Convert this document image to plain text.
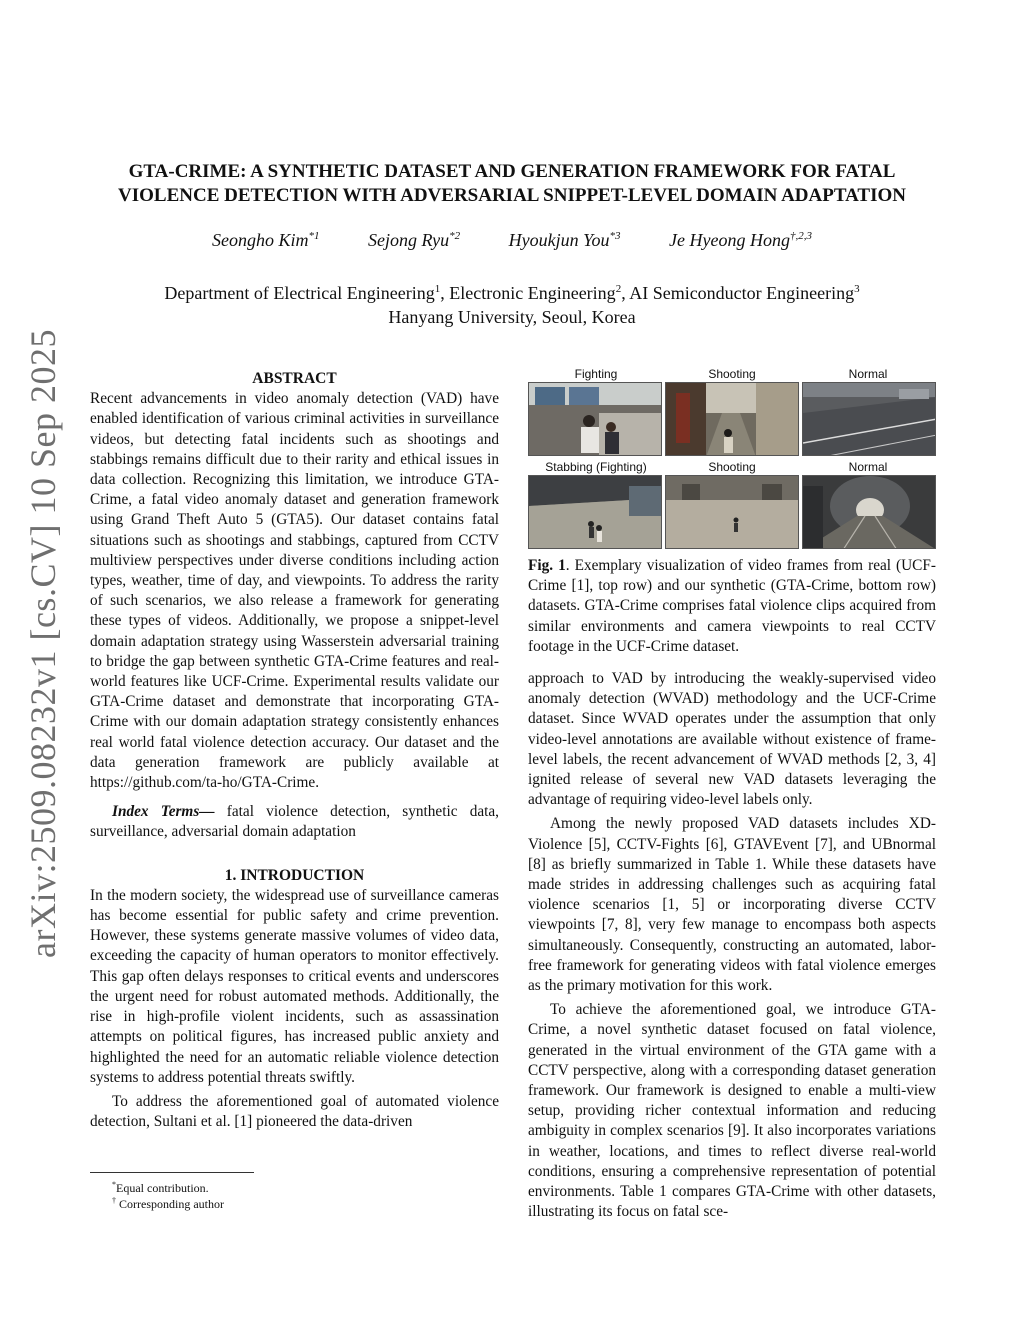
arXiv:2509.08232v1 [cs.CV] 10 Sep 2025
GTA-CRIME: A SYNTHETIC DATASET AND GENERATION FRAMEWORK FOR FATAL
VIOLENCE DETECTION WITH ADVERSARIAL SNIPPET-LEVEL DOMAIN ADAPTATION
Seongho Kim$^{*1}$	Sejong Ryu$^{*2}$	Hyoukjun You$^{*3}$	Je Hyeong Hong$^{\dagger,2,3}$
Department of Electrical Engineering$^1$, Electronic Engineering$^2$, AI Semiconductor Engineering$^3$
Hanyang University, Seoul, Korea
ABSTRACT

Recent advancements in video anomaly detection (VAD) have enabled identification of various criminal activities in surveillance videos, but detecting fatal incidents such as shootings and stabbings remains difficult due to their rarity and ethical issues in data collection. Recognizing this limitation, we introduce GTA-Crime, a fatal video anomaly dataset and generation framework using Grand Theft Auto 5 (GTA5). Our dataset contains fatal situations such as shootings and stabbings, captured from CCTV multiview perspectives under diverse conditions including action types, weather, time of day, and viewpoints. To address the rarity of such scenarios, we also release a framework for generating these types of videos. Additionally, we propose a snippet-level domain adaptation strategy using Wasserstein adversarial training to bridge the gap between synthetic GTA-Crime features and real-world features like UCF-Crime. Experimental results validate our GTA-Crime dataset and demonstrate that incorporating GTA-Crime with our domain adaptation strategy consistently enhances real world fatal violence detection accuracy. Our dataset and the data generation framework are publicly available at https://github.com/ta-ho/GTA-Crime.

Index Terms— fatal violence detection, synthetic data, surveillance, adversarial domain adaptation

1. INTRODUCTION

In the modern society, the widespread use of surveillance cameras has become essential for public safety and crime prevention. However, these systems generate massive volumes of video data, exceeding the capacity of human operators to monitor effectively. This gap often delays responses to critical events and underscores the urgent need for robust automated methods. Additionally, the rise in high-profile violent incidents, such as assassination attempts on political figures, has increased public anxiety and highlighted the need for an automatic reliable violence detection systems to address potential threats swiftly.

To address the aforementioned goal of automated violence detection, Sultani et al. [1] pioneered the data-driven

Fighting	Shooting	Normal
Stabbing (Fighting)	Shooting	Normal
Fig. 1. Exemplary visualization of video frames from real (UCF-Crime [1], top row) and our synthetic (GTA-Crime, bottom row) datasets. GTA-Crime comprises fatal violence clips acquired from similar environments and camera viewpoints to real CCTV footage in the UCF-Crime dataset.

approach to VAD by introducing the weakly-supervised video anomaly detection (WVAD) methodology and the UCF-Crime dataset. Since WVAD operates under the assumption that only video-level annotations are available without existence of frame-level labels, the recent advancement of WVAD methods [2, 3, 4] ignited release of several new VAD datasets leveraging the advantage of requiring video-level labels only.

Among the newly proposed VAD datasets includes XD-Violence [5], CCTV-Fights [6], GTAVEvent [7], and UBnormal [8] as briefly summarized in Table 1. While these datasets have made strides in addressing challenges such as acquiring fatal violence scenarios [1, 5] or incorporating diverse CCTV viewpoints [7, 8], very few manage to encompass both aspects simultaneously. Consequently, constructing an automated, labor-free framework for generating videos with fatal violence emerges as the primary motivation for this work.

To achieve the aforementioned goal, we introduce GTA-Crime, a novel synthetic dataset focused on fatal violence, generated in the virtual environment of the GTA game with a CCTV perspective, along with a corresponding dataset generation framework. Our framework is designed to enable a multi-view setup, providing richer contextual information and reducing ambiguity in complex scenarios [9]. It also incorporates variations in weather, locations, and times to reflect diverse real-world conditions, ensuring a comprehensive representation of potential environments. Table 1 compares GTA-Crime with other datasets, illustrating its focus on fatal sce-

*Equal contribution.
† Corresponding author
